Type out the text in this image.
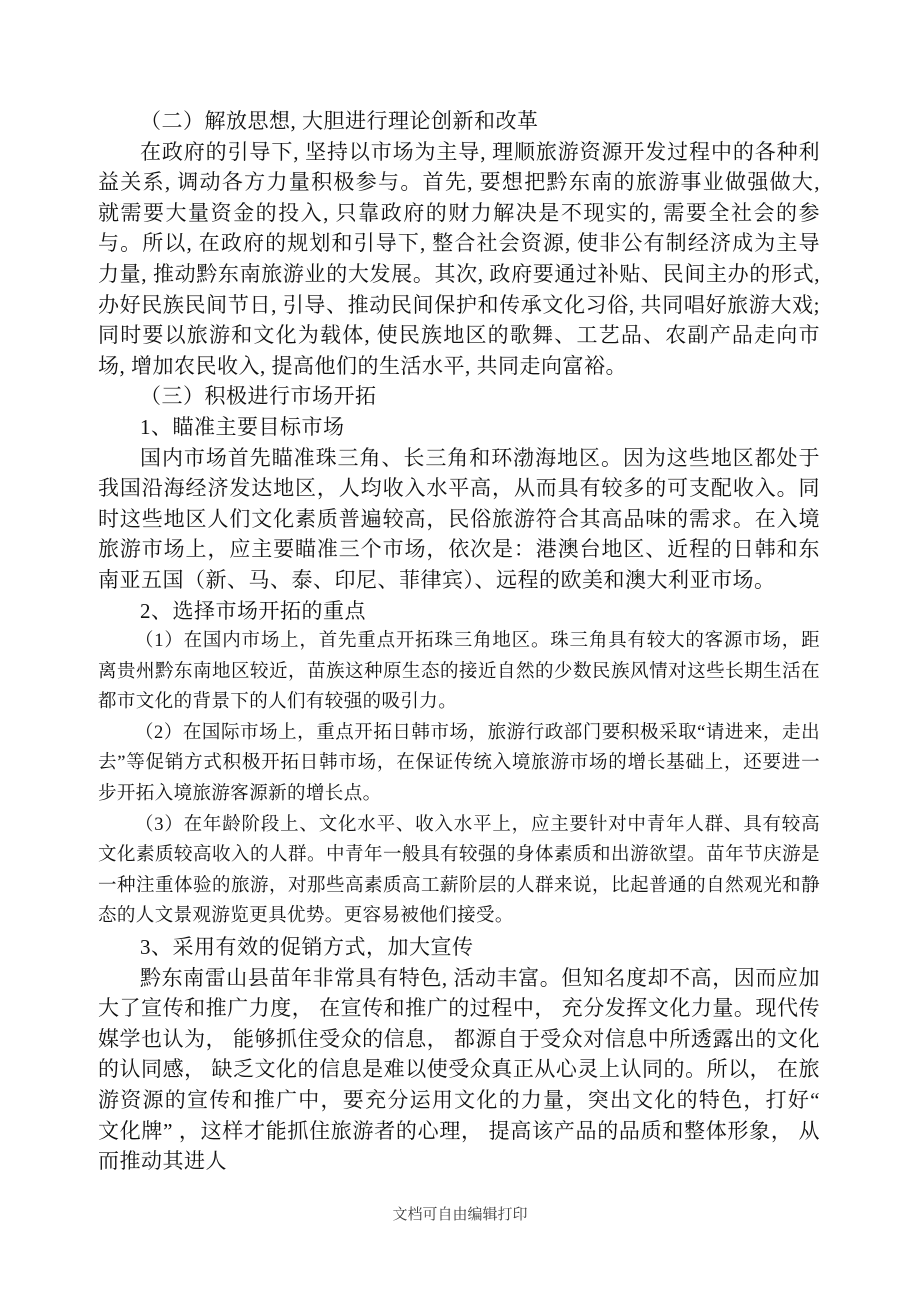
（二）解放思想, 大胆进行理论创新和改革

在政府的引导下, 坚持以市场为主导, 理顺旅游资源开发过程中的各种利益关系, 调动各方力量积极参与。首先, 要想把黔东南的旅游事业做强做大, 就需要大量资金的投入, 只靠政府的财力解决是不现实的, 需要全社会的参与。所以, 在政府的规划和引导下, 整合社会资源, 使非公有制经济成为主导力量, 推动黔东南旅游业的大发展。其次, 政府要通过补贴、民间主办的形式, 办好民族民间节日, 引导、推动民间保护和传承文化习俗, 共同唱好旅游大戏;同时要以旅游和文化为载体, 使民族地区的歌舞、工艺品、农副产品走向市场, 增加农民收入, 提高他们的生活水平, 共同走向富裕。

（三）积极进行市场开拓

1、瞄准主要目标市场

国内市场首先瞄准珠三角、长三角和环渤海地区。因为这些地区都处于我国沿海经济发达地区，人均收入水平高，从而具有较多的可支配收入。同时这些地区人们文化素质普遍较高，民俗旅游符合其高品味的需求。在入境旅游市场上，应主要瞄准三个市场，依次是：港澳台地区、近程的日韩和东南亚五国（新、马、泰、印尼、菲律宾）、远程的欧美和澳大利亚市场。

2、选择市场开拓的重点

（1）在国内市场上，首先重点开拓珠三角地区。珠三角具有较大的客源市场，距离贵州黔东南地区较近，苗族这种原生态的接近自然的少数民族风情对这些长期生活在都市文化的背景下的人们有较强的吸引力。

（2）在国际市场上，重点开拓日韩市场，旅游行政部门要积极采取“请进来，走出去”等促销方式积极开拓日韩市场，在保证传统入境旅游市场的增长基础上，还要进一步开拓入境旅游客源新的增长点。

（3）在年龄阶段上、文化水平、收入水平上，应主要针对中青年人群、具有较高文化素质较高收入的人群。中青年一般具有较强的身体素质和出游欲望。苗年节庆游是一种注重体验的旅游，对那些高素质高工薪阶层的人群来说，比起普通的自然观光和静态的人文景观游览更具优势。更容易被他们接受。

3、采用有效的促销方式，加大宣传

黔东南雷山县苗年非常具有特色, 活动丰富。但知名度却不高，因而应加大了宣传和推广力度， 在宣传和推广的过程中， 充分发挥文化力量。现代传媒学也认为， 能够抓住受众的信息， 都源自于受众对信息中所透露出的文化的认同感， 缺乏文化的信息是难以使受众真正从心灵上认同的。所以， 在旅游资源的宣传和推广中，要充分运用文化的力量，突出文化的特色，打好“ 文化牌” ，这样才能抓住旅游者的心理， 提高该产品的品质和整体形象， 从而推动其进人

文档可自由编辑打印
